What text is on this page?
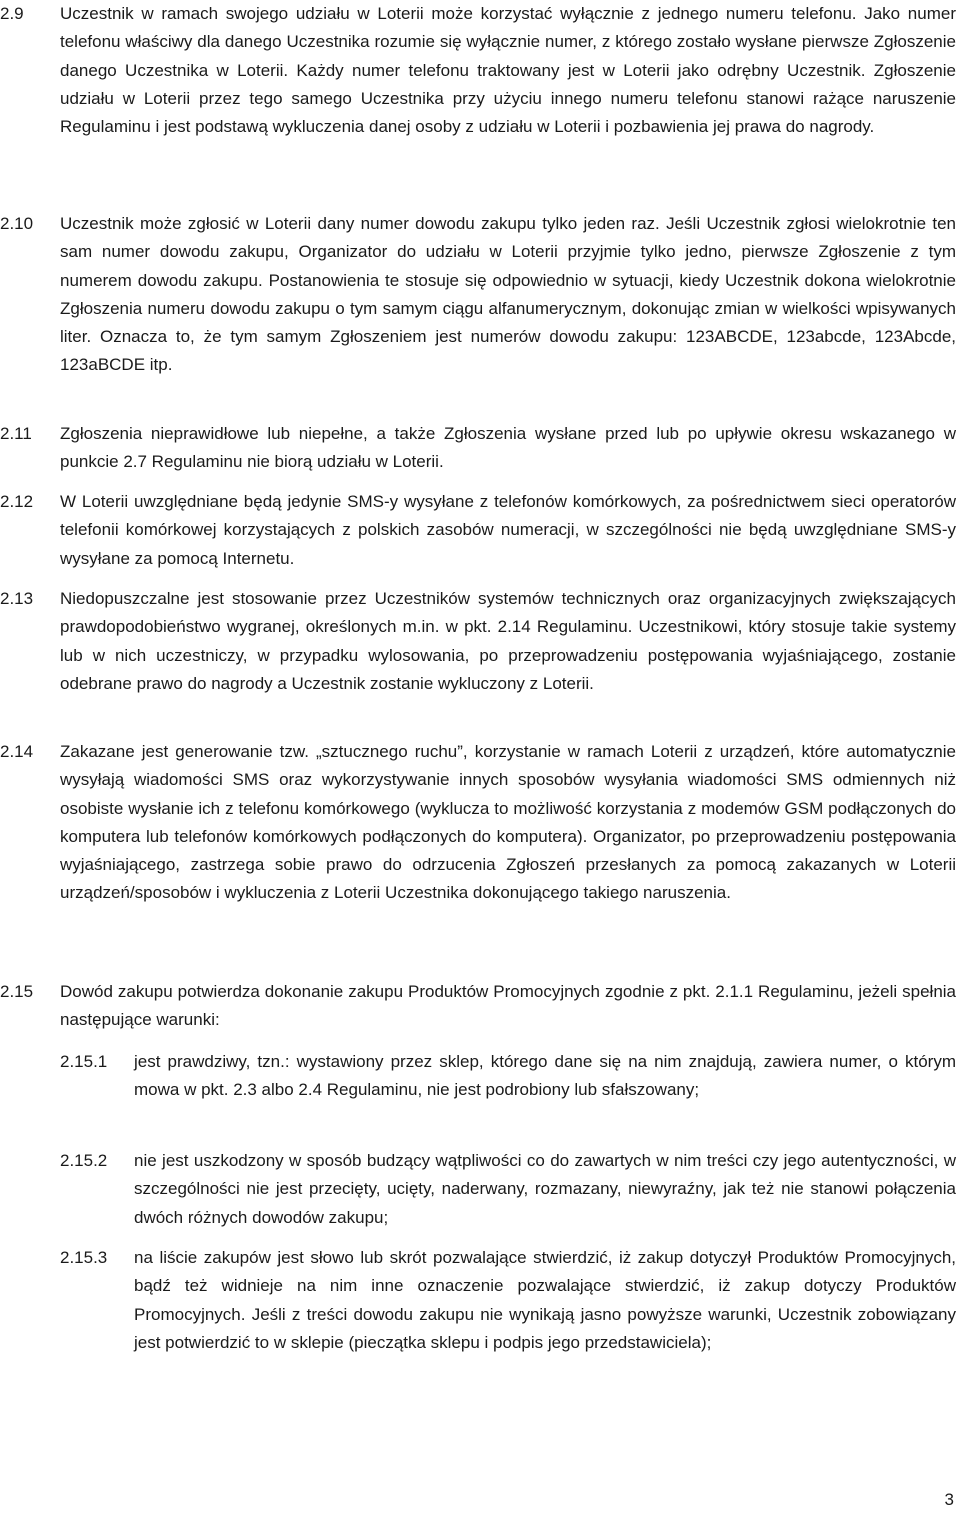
2.9 Uczestnik w ramach swojego udziału w Loterii może korzystać wyłącznie z jednego numeru telefonu. Jako numer telefonu właściwy dla danego Uczestnika rozumie się wyłącznie numer, z którego zostało wysłane pierwsze Zgłoszenie danego Uczestnika w Loterii. Każdy numer telefonu traktowany jest w Loterii jako odrębny Uczestnik. Zgłoszenie udziału w Loterii przez tego samego Uczestnika przy użyciu innego numeru telefonu stanowi rażące naruszenie Regulaminu i jest podstawą wykluczenia danej osoby z udziału w Loterii i pozbawienia jej prawa do nagrody.
2.10 Uczestnik może zgłosić w Loterii dany numer dowodu zakupu tylko jeden raz. Jeśli Uczestnik zgłosi wielokrotnie ten sam numer dowodu zakupu, Organizator do udziału w Loterii przyjmie tylko jedno, pierwsze Zgłoszenie z tym numerem dowodu zakupu. Postanowienia te stosuje się odpowiednio w sytuacji, kiedy Uczestnik dokona wielokrotnie Zgłoszenia numeru dowodu zakupu o tym samym ciągu alfanumerycznym, dokonując zmian w wielkości wpisywanych liter. Oznacza to, że tym samym Zgłoszeniem jest numerów dowodu zakupu: 123ABCDE, 123abcde, 123Abcde, 123aBCDE itp.
2.11 Zgłoszenia nieprawidłowe lub niepełne, a także Zgłoszenia wysłane przed lub po upływie okresu wskazanego w punkcie 2.7 Regulaminu nie biorą udziału w Loterii.
2.12 W Loterii uwzględniane będą jedynie SMS-y wysyłane z telefonów komórkowych, za pośrednictwem sieci operatorów telefonii komórkowej korzystających z polskich zasobów numeracji, w szczególności nie będą uwzględniane SMS-y wysyłane za pomocą Internetu.
2.13 Niedopuszczalne jest stosowanie przez Uczestników systemów technicznych oraz organizacyjnych zwiększających prawdopodobieństwo wygranej, określonych m.in. w pkt. 2.14 Regulaminu. Uczestnikowi, który stosuje takie systemy lub w nich uczestniczy, w przypadku wylosowania, po przeprowadzeniu postępowania wyjaśniającego, zostanie odebrane prawo do nagrody a Uczestnik zostanie wykluczony z Loterii.
2.14 Zakazane jest generowanie tzw. „sztucznego ruchu”, korzystanie w ramach Loterii z urządzeń, które automatycznie wysyłają wiadomości SMS oraz wykorzystywanie innych sposobów wysyłania wiadomości SMS odmiennych niż osobiste wysłanie ich z telefonu komórkowego (wyklucza to możliwość korzystania z modemów GSM podłączonych do komputera lub telefonów komórkowych podłączonych do komputera). Organizator, po przeprowadzeniu postępowania wyjaśniającego, zastrzega sobie prawo do odrzucenia Zgłoszeń przesłanych za pomocą zakazanych w Loterii urządzeń/sposobów i wykluczenia z Loterii Uczestnika dokonującego takiego naruszenia.
2.15 Dowód zakupu potwierdza dokonanie zakupu Produktów Promocyjnych zgodnie z pkt. 2.1.1 Regulaminu, jeżeli spełnia następujące warunki:
2.15.1 jest prawdziwy, tzn.: wystawiony przez sklep, którego dane się na nim znajdują, zawiera numer, o którym mowa w pkt. 2.3 albo 2.4 Regulaminu, nie jest podrobiony lub sfałszowany;
2.15.2 nie jest uszkodzony w sposób budzący wątpliwości co do zawartych w nim treści czy jego autentyczności, w szczególności nie jest przecięty, ucięty, naderwany, rozmazany, niewyraźny, jak też nie stanowi połączenia dwóch różnych dowodów zakupu;
2.15.3 na liście zakupów jest słowo lub skrót pozwalające stwierdzić, iż zakup dotyczył Produktów Promocyjnych, bądź też widnieje na nim inne oznaczenie pozwalające stwierdzić, iż zakup dotyczy Produktów Promocyjnych. Jeśli z treści dowodu zakupu nie wynikają jasno powyższe warunki, Uczestnik zobowiązany jest potwierdzić to w sklepie (pieczątka sklepu i podpis jego przedstawiciela);
3
